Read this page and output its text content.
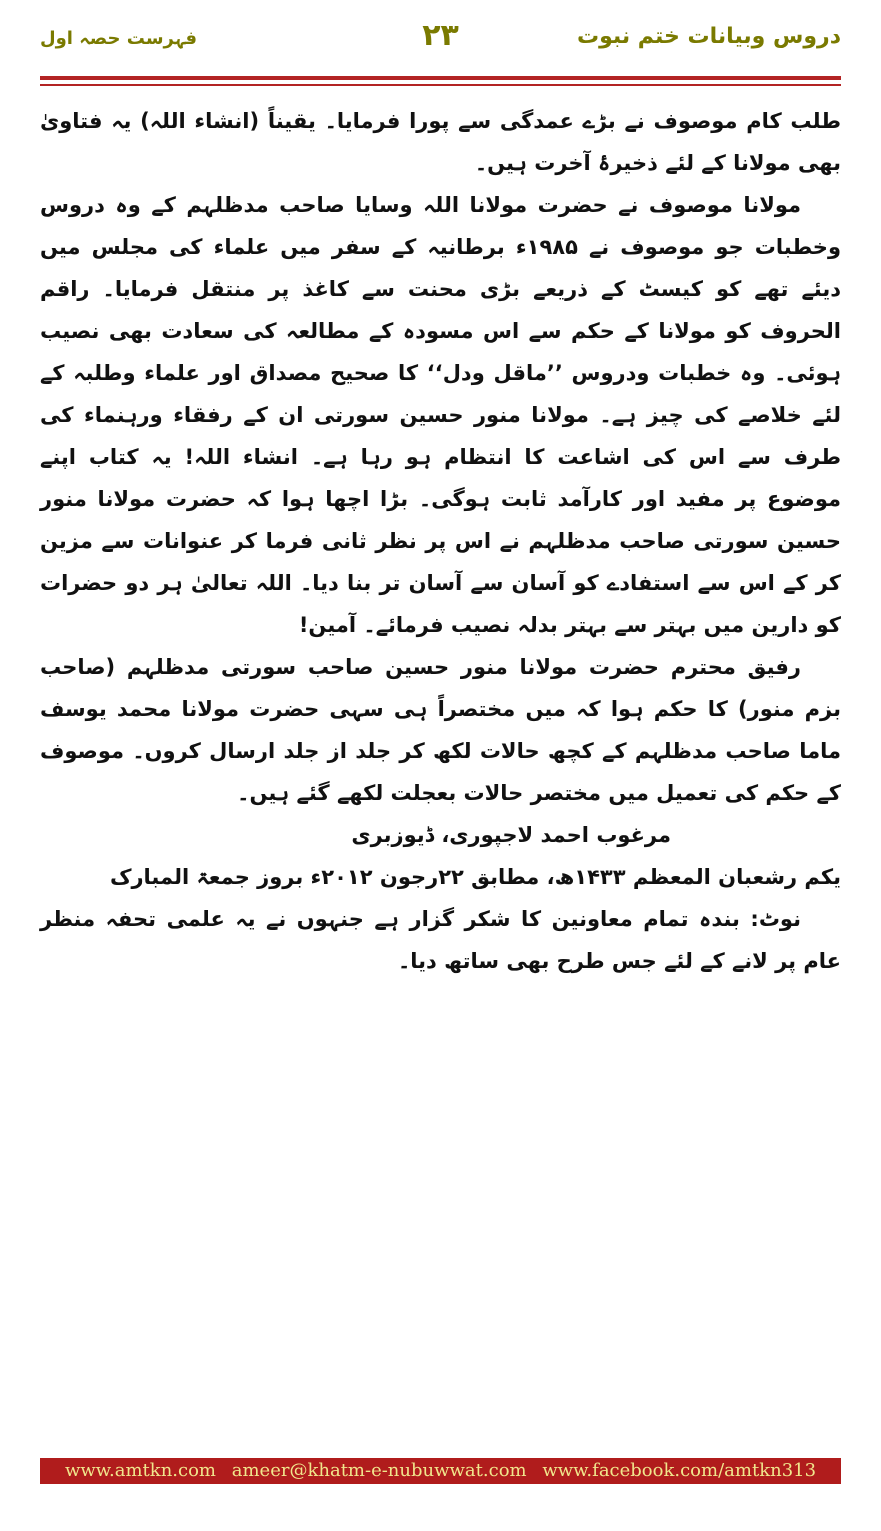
دروس وبیانات ختم نبوت
۲۳
فہرست حصہ اول

طلب کام موصوف نے بڑے عمدگی سے پورا فرمایا۔ یقیناً (انشاء اللہ) یہ فتاویٰ بھی مولانا کے لئے ذخیرۂ آخرت ہیں۔

مولانا موصوف نے حضرت مولانا اللہ وسایا صاحب مدظلہم کے وہ دروس وخطبات جو موصوف نے ۱۹۸۵ء برطانیہ کے سفر میں علماء کی مجلس میں دیئے تھے کو کیسٹ کے ذریعے بڑی محنت سے کاغذ پر منتقل فرمایا۔ راقم الحروف کو مولانا کے حکم سے اس مسودہ کے مطالعہ کی سعادت بھی نصیب ہوئی۔ وہ خطبات ودروس ’’ماقل ودل‘‘ کا صحیح مصداق اور علماء وطلبہ کے لئے خلاصے کی چیز ہے۔ مولانا منور حسین سورتی ان کے رفقاء ورہنماء کی طرف سے اس کی اشاعت کا انتظام ہو رہا ہے۔ انشاء اللہ! یہ کتاب اپنے موضوع پر مفید اور کارآمد ثابت ہوگی۔ بڑا اچھا ہوا کہ حضرت مولانا منور حسین سورتی صاحب مدظلہم نے اس پر نظر ثانی فرما کر عنوانات سے مزین کر کے اس سے استفادے کو آسان سے آسان تر بنا دیا۔ اللہ تعالیٰ ہر دو حضرات کو دارین میں بہتر سے بہتر بدلہ نصیب فرمائے۔ آمین!

رفیق محترم حضرت مولانا منور حسین صاحب سورتی مدظلہم (صاحب بزم منور) کا حکم ہوا کہ میں مختصراً ہی سہی حضرت مولانا محمد یوسف ماما صاحب مدظلہم کے کچھ حالات لکھ کر جلد از جلد ارسال کروں۔ موصوف کے حکم کی تعمیل میں مختصر حالات بعجلت لکھے گئے ہیں۔

مرغوب احمد لاجپوری، ڈیوزبری

یکم رشعبان المعظم ۱۴۳۳ھ، مطابق ۲۲رجون ۲۰۱۲ء بروز جمعۃ المبارک

نوٹ: بندہ تمام معاونین کا شکر گزار ہے جنہوں نے یہ علمی تحفہ منظر عام پر لانے کے لئے جس طرح بھی ساتھ دیا۔

www.amtkn.com ameer@khatm-e-nubuwwat.com www.facebook.com/amtkn313
